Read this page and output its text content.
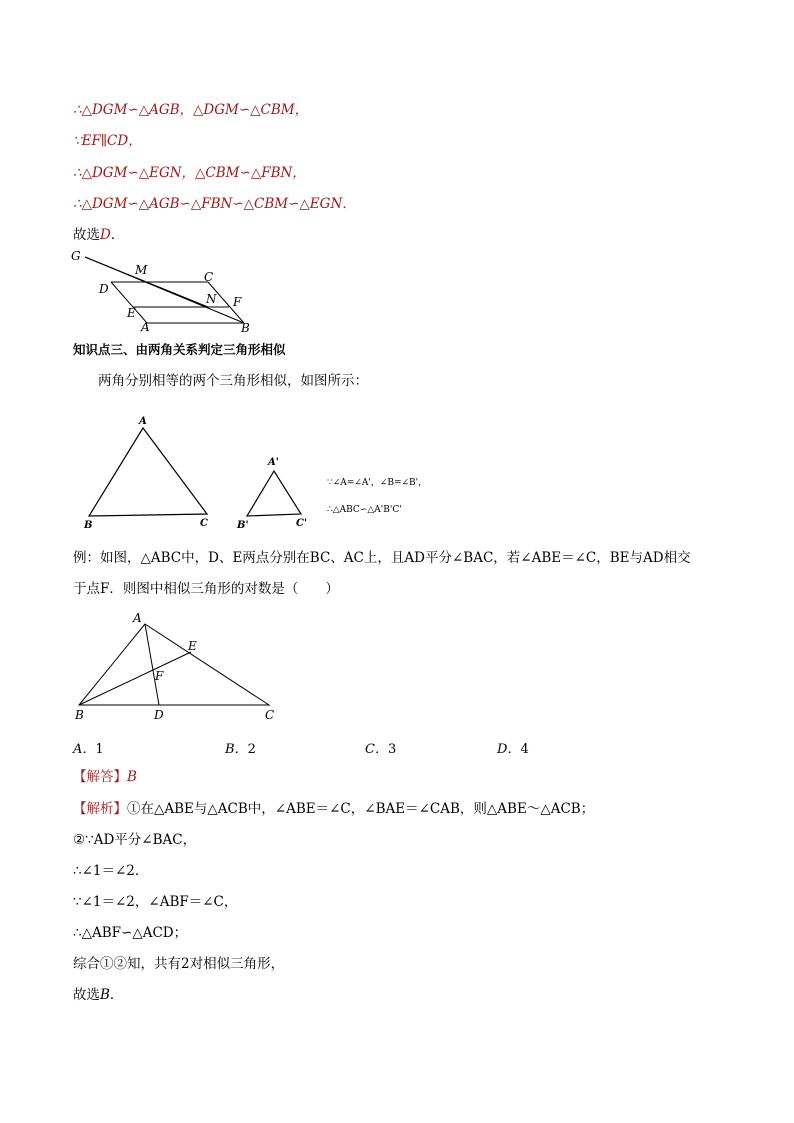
∴△DGM∽△AGB，△DGM∽△CBM，
∵EF∥CD，
∴△DGM∽△EGN，△CBM∽△FBN，
∴△DGM∽△AGB∽△FBN∽△CBM∽△EGN．
故选D．
G
M	C
D
N F
E
A	B
知识点三、由两角关系判定三角形相似
两角分别相等的两个三角形相似，如图所示：
A
B	C
A'
B'	C'
∵∠A=∠A'，∠B=∠B'，
∴△ABC∽△A'B'C'
例：如图，△ABC中，D、E两点分别在BC、AC上，且AD平分∠BAC，若∠ABE＝∠C，BE与AD相交
于点F．则图中相似三角形的对数是（　　）
A
E
F
B	D	C
A．1	B．2	C．3	D．4
【解答】B
【解析】①在△ABE与△ACB中，∠ABE＝∠C，∠BAE＝∠CAB，则△ABE～△ACB；
②∵AD平分∠BAC，
∴∠1＝∠2．
∵∠1＝∠2，∠ABF＝∠C，
∴△ABF∽△ACD；
综合①②知，共有2对相似三角形，
故选B．
